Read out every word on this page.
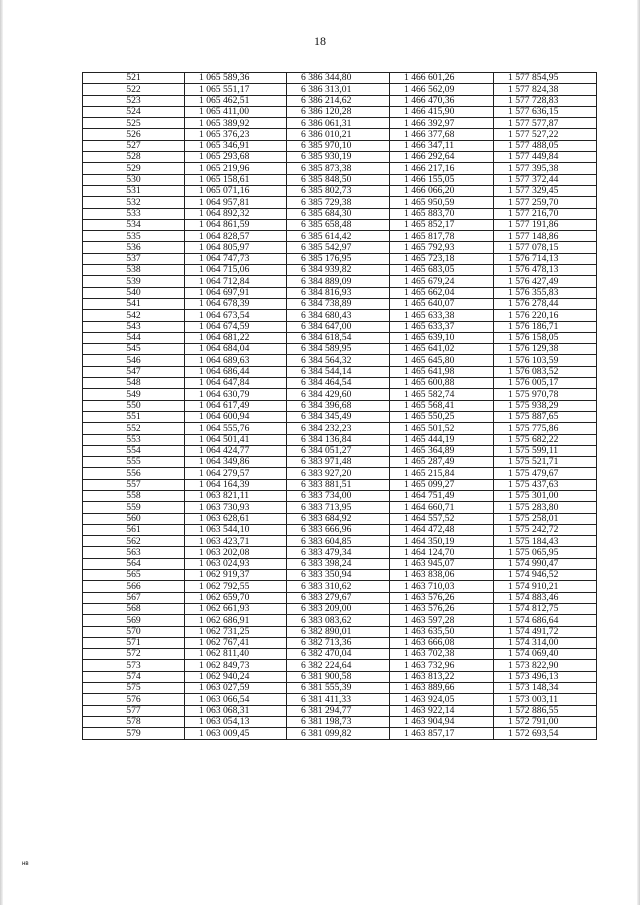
18
521	1 065 589,36	6 386 344,80	1 466 601,26	1 577 854,95
522	1 065 551,17	6 386 313,01	1 466 562,09	1 577 824,38
523	1 065 462,51	6 386 214,62	1 466 470,36	1 577 728,83
524	1 065 411,00	6 386 120,28	1 466 415,90	1 577 636,15
525	1 065 389,92	6 386 061,31	1 466 392,97	1 577 577,87
526	1 065 376,23	6 386 010,21	1 466 377,68	1 577 527,22
527	1 065 346,91	6 385 970,10	1 466 347,11	1 577 488,05
528	1 065 293,68	6 385 930,19	1 466 292,64	1 577 449,84
529	1 065 219,96	6 385 873,38	1 466 217,16	1 577 395,38
530	1 065 158,61	6 385 848,50	1 466 155,05	1 577 372,44
531	1 065 071,16	6 385 802,73	1 466 066,20	1 577 329,45
532	1 064 957,81	6 385 729,38	1 465 950,59	1 577 259,70
533	1 064 892,32	6 385 684,30	1 465 883,70	1 577 216,70
534	1 064 861,59	6 385 658,48	1 465 852,17	1 577 191,86
535	1 064 828,57	6 385 614,42	1 465 817,78	1 577 148,86
536	1 064 805,97	6 385 542,97	1 465 792,93	1 577 078,15
537	1 064 747,73	6 385 176,95	1 465 723,18	1 576 714,13
538	1 064 715,06	6 384 939,82	1 465 683,05	1 576 478,13
539	1 064 712,84	6 384 889,09	1 465 679,24	1 576 427,49
540	1 064 697,91	6 384 816,93	1 465 662,04	1 576 355,83
541	1 064 678,39	6 384 738,89	1 465 640,07	1 576 278,44
542	1 064 673,54	6 384 680,43	1 465 633,38	1 576 220,16
543	1 064 674,59	6 384 647,00	1 465 633,37	1 576 186,71
544	1 064 681,22	6 384 618,54	1 465 639,10	1 576 158,05
545	1 064 684,04	6 384 589,95	1 465 641,02	1 576 129,38
546	1 064 689,63	6 384 564,32	1 465 645,80	1 576 103,59
547	1 064 686,44	6 384 544,14	1 465 641,98	1 576 083,52
548	1 064 647,84	6 384 464,54	1 465 600,88	1 576 005,17
549	1 064 630,79	6 384 429,60	1 465 582,74	1 575 970,78
550	1 064 617,49	6 384 396,68	1 465 568,41	1 575 938,29
551	1 064 600,94	6 384 345,49	1 465 550,25	1 575 887,65
552	1 064 555,76	6 384 232,23	1 465 501,52	1 575 775,86
553	1 064 501,41	6 384 136,84	1 465 444,19	1 575 682,22
554	1 064 424,77	6 384 051,27	1 465 364,89	1 575 599,11
555	1 064 349,86	6 383 971,48	1 465 287,49	1 575 521,71
556	1 064 279,57	6 383 927,20	1 465 215,84	1 575 479,67
557	1 064 164,39	6 383 881,51	1 465 099,27	1 575 437,63
558	1 063 821,11	6 383 734,00	1 464 751,49	1 575 301,00
559	1 063 730,93	6 383 713,95	1 464 660,71	1 575 283,80
560	1 063 628,61	6 383 684,92	1 464 557,52	1 575 258,01
561	1 063 544,10	6 383 666,96	1 464 472,48	1 575 242,72
562	1 063 423,71	6 383 604,85	1 464 350,19	1 575 184,43
563	1 063 202,08	6 383 479,34	1 464 124,70	1 575 065,95
564	1 063 024,93	6 383 398,24	1 463 945,07	1 574 990,47
565	1 062 919,37	6 383 350,94	1 463 838,06	1 574 946,52
566	1 062 792,55	6 383 310,62	1 463 710,03	1 574 910,21
567	1 062 659,70	6 383 279,67	1 463 576,26	1 574 883,46
568	1 062 661,93	6 383 209,00	1 463 576,26	1 574 812,75
569	1 062 686,91	6 383 083,62	1 463 597,28	1 574 686,64
570	1 062 731,25	6 382 890,01	1 463 635,50	1 574 491,72
571	1 062 767,41	6 382 713,36	1 463 666,08	1 574 314,00
572	1 062 811,40	6 382 470,04	1 463 702,38	1 574 069,40
573	1 062 849,73	6 382 224,64	1 463 732,96	1 573 822,90
574	1 062 940,24	6 381 900,58	1 463 813,22	1 573 496,13
575	1 063 027,59	6 381 555,39	1 463 889,66	1 573 148,34
576	1 063 066,54	6 381 411,33	1 463 924,05	1 573 003,11
577	1 063 068,31	6 381 294,77	1 463 922,14	1 572 886,55
578	1 063 054,13	6 381 198,73	1 463 904,94	1 572 791,00
579	1 063 009,45	6 381 099,82	1 463 857,17	1 572 693,54
нв
